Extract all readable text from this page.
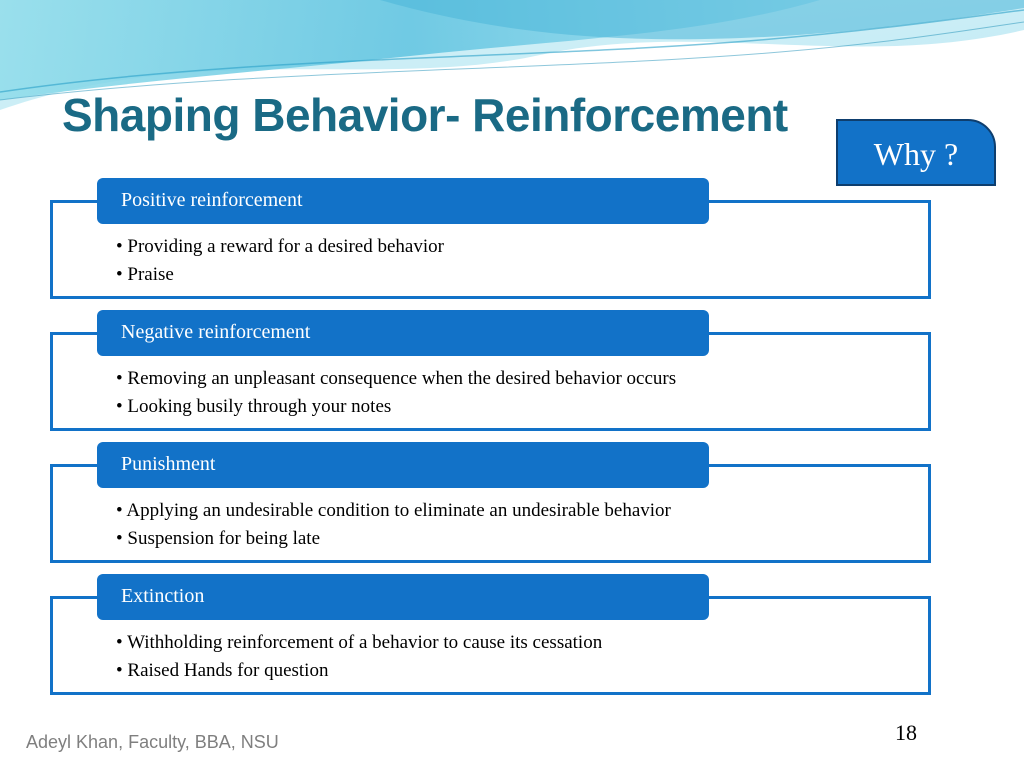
Shaping Behavior- Reinforcement
Why ?
Positive reinforcement
• Providing a reward for a desired behavior
• Praise
Negative reinforcement
• Removing an unpleasant consequence when the desired behavior occurs
• Looking busily through your notes
Punishment
• Applying an undesirable condition to eliminate an undesirable behavior
• Suspension for being late
Extinction
• Withholding reinforcement of a behavior to cause its cessation
• Raised Hands for question
Adeyl Khan, Faculty, BBA, NSU	18
